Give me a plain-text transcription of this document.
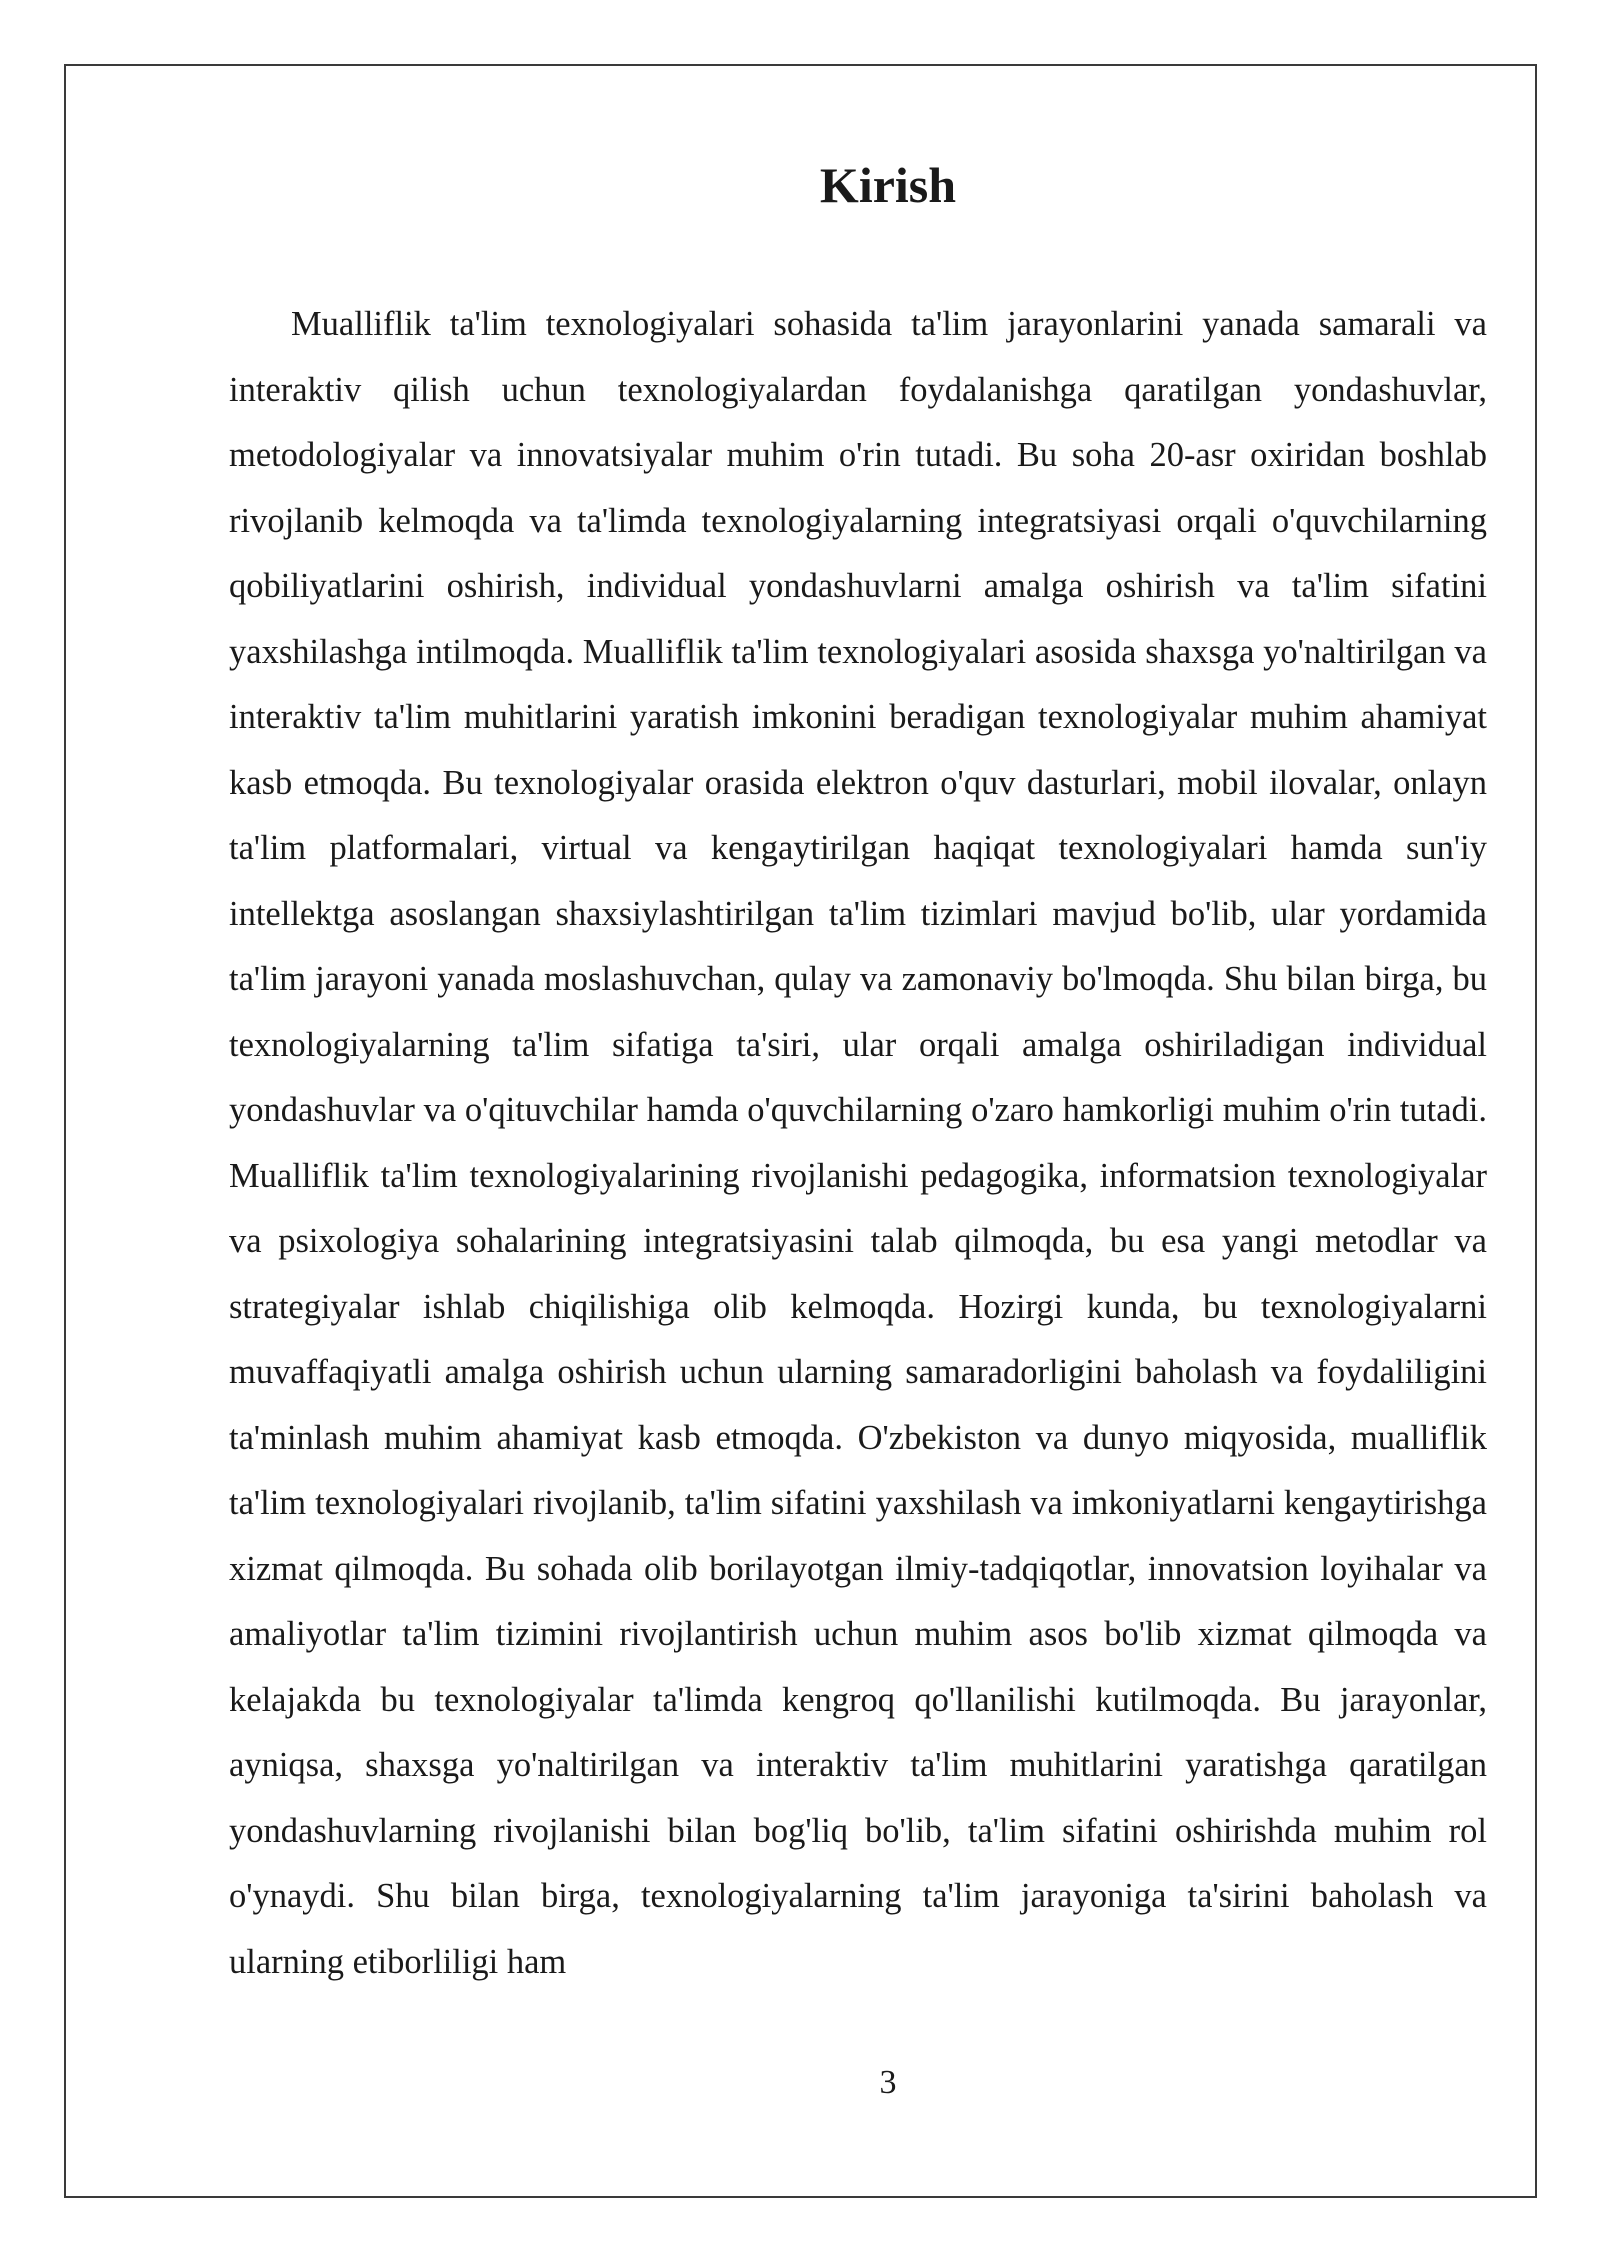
Kirish

Mualliflik ta'lim texnologiyalari sohasida ta'lim jarayonlarini yanada samarali va interaktiv qilish uchun texnologiyalardan foydalanishga qaratilgan yondashuvlar, metodologiyalar va innovatsiyalar muhim o'rin tutadi. Bu soha 20-asr oxiridan boshlab rivojlanib kelmoqda va ta'limda texnologiyalarning integratsiyasi orqali o'quvchilarning qobiliyatlarini oshirish, individual yondashuvlarni amalga oshirish va ta'lim sifatini yaxshilashga intilmoqda. Mualliflik ta'lim texnologiyalari asosida shaxsga yo'naltirilgan va interaktiv ta'lim muhitlarini yaratish imkonini beradigan texnologiyalar muhim ahamiyat kasb etmoqda. Bu texnologiyalar orasida elektron o'quv dasturlari, mobil ilovalar, onlayn ta'lim platformalari, virtual va kengaytirilgan haqiqat texnologiyalari hamda sun'iy intellektga asoslangan shaxsiylashtirilgan ta'lim tizimlari mavjud bo'lib, ular yordamida ta'lim jarayoni yanada moslashuvchan, qulay va zamonaviy bo'lmoqda. Shu bilan birga, bu texnologiyalarning ta'lim sifatiga ta'siri, ular orqali amalga oshiriladigan individual yondashuvlar va o'qituvchilar hamda o'quvchilarning o'zaro hamkorligi muhim o'rin tutadi. Mualliflik ta'lim texnologiyalarining rivojlanishi pedagogika, informatsion texnologiyalar va psixologiya sohalarining integratsiyasini talab qilmoqda, bu esa yangi metodlar va strategiyalar ishlab chiqilishiga olib kelmoqda. Hozirgi kunda, bu texnologiyalarni muvaffaqiyatli amalga oshirish uchun ularning samaradorligini baholash va foydaliligini ta'minlash muhim ahamiyat kasb etmoqda. O'zbekiston va dunyo miqyosida, mualliflik ta'lim texnologiyalari rivojlanib, ta'lim sifatini yaxshilash va imkoniyatlarni kengaytirishga xizmat qilmoqda. Bu sohada olib borilayotgan ilmiy-tadqiqotlar, innovatsion loyihalar va amaliyotlar ta'lim tizimini rivojlantirish uchun muhim asos bo'lib xizmat qilmoqda va kelajakda bu texnologiyalar ta'limda kengroq qo'llanilishi kutilmoqda. Bu jarayonlar, ayniqsa, shaxsga yo'naltirilgan va interaktiv ta'lim muhitlarini yaratishga qaratilgan yondashuvlarning rivojlanishi bilan bog'liq bo'lib, ta'lim sifatini oshirishda muhim rol o'ynaydi. Shu bilan birga, texnologiyalarning ta'lim jarayoniga ta'sirini baholash va ularning etiborliligi ham

3
